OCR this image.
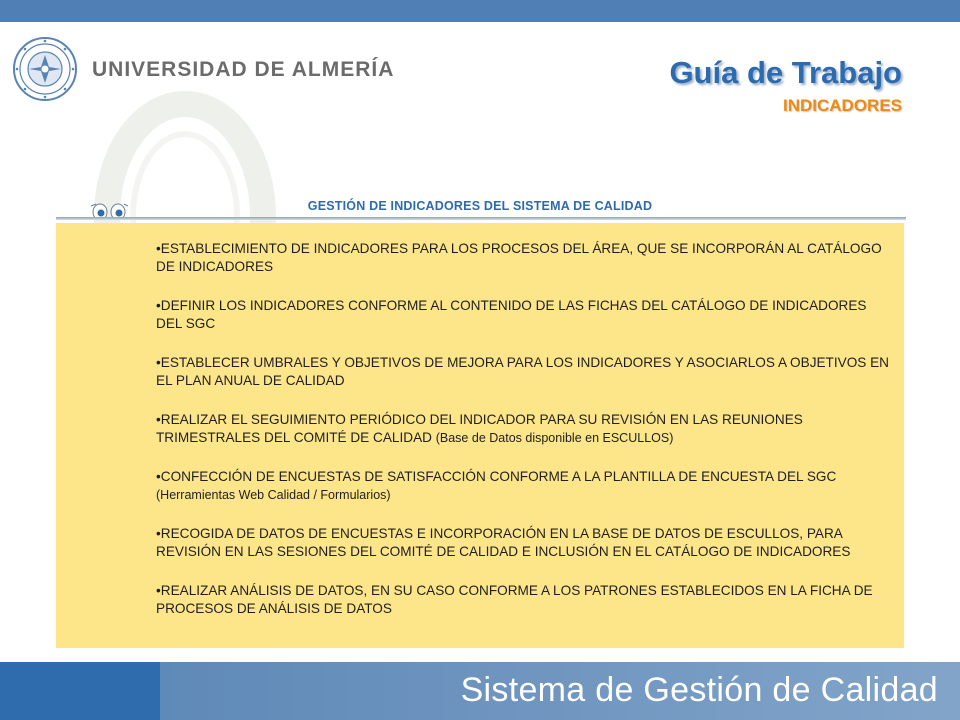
UNIVERSIDAD DE ALMERÍA	Guía de Trabajo
INDICADORES
GESTIÓN DE INDICADORES DEL SISTEMA DE CALIDAD
•ESTABLECIMIENTO DE INDICADORES PARA LOS PROCESOS DEL ÁREA, QUE SE INCORPORÁN AL CATÁLOGO DE INDICADORES
•DEFINIR LOS INDICADORES CONFORME AL CONTENIDO DE LAS FICHAS DEL CATÁLOGO DE INDICADORES DEL SGC
•ESTABLECER UMBRALES Y OBJETIVOS DE MEJORA PARA LOS INDICADORES Y ASOCIARLOS A OBJETIVOS EN EL PLAN ANUAL DE CALIDAD
•REALIZAR EL SEGUIMIENTO PERIÓDICO DEL INDICADOR PARA SU REVISIÓN EN LAS REUNIONES TRIMESTRALES DEL COMITÉ DE CALIDAD (Base de Datos disponible en ESCULLOS)
•CONFECCIÓN DE ENCUESTAS DE SATISFACCIÓN CONFORME A LA PLANTILLA DE ENCUESTA DEL SGC (Herramientas Web Calidad / Formularios)
•RECOGIDA DE DATOS DE ENCUESTAS E INCORPORACIÓN EN LA BASE DE DATOS DE ESCULLOS, PARA REVISIÓN EN LAS SESIONES DEL COMITÉ DE CALIDAD E INCLUSIÓN EN EL CATÁLOGO DE INDICADORES
•REALIZAR ANÁLISIS DE DATOS, EN SU CASO CONFORME A LOS PATRONES ESTABLECIDOS EN LA FICHA DE PROCESOS DE ANÁLISIS DE DATOS
Sistema de Gestión de Calidad
